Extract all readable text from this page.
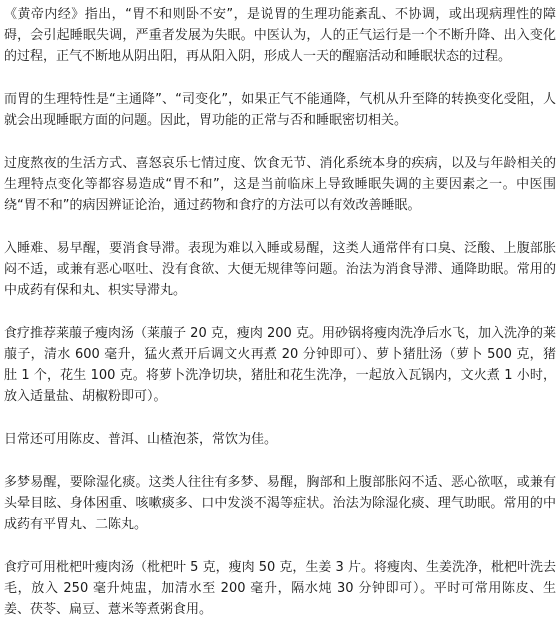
《黄帝内经》指出，“胃不和则卧不安”，是说胃的生理功能紊乱、不协调，或出现病理性的障碍，会引起睡眠失调，严重者发展为失眠。中医认为，人的正气运行是一个不断升降、出入变化的过程，正气不断地从阴出阳，再从阳入阴，形成人一天的醒寤活动和睡眠状态的过程。

而胃的生理特性是“主通降”、“司变化”，如果正气不能通降，气机从升至降的转换变化受阻，人就会出现睡眠方面的问题。因此，胃功能的正常与否和睡眠密切相关。

过度熬夜的生活方式、喜怒哀乐七情过度、饮食无节、消化系统本身的疾病，以及与年龄相关的生理特点变化等都容易造成“胃不和”，这是当前临床上导致睡眠失调的主要因素之一。中医围绕“胃不和”的病因辨证论治，通过药物和食疗的方法可以有效改善睡眠。

入睡难、易早醒，要消食导滞。表现为难以入睡或易醒，这类人通常伴有口臭、泛酸、上腹部胀闷不适，或兼有恶心呕吐、没有食欲、大便无规律等问题。治法为消食导滞、通降助眠。常用的中成药有保和丸、枳实导滞丸。

食疗推荐莱菔子瘦肉汤（莱菔子 20 克，瘦肉 200 克。用砂锅将瘦肉洗净后水飞，加入洗净的莱菔子，清水 600 毫升，猛火煮开后调文火再煮 20 分钟即可）、萝卜猪肚汤（萝卜 500 克，猪肚 1 个，花生 100 克。将萝卜洗净切块，猪肚和花生洗净，一起放入瓦锅内，文火煮 1 小时，放入适量盐、胡椒粉即可）。

日常还可用陈皮、普洱、山楂泡茶，常饮为佳。

多梦易醒，要除湿化痰。这类人往往有多梦、易醒，胸部和上腹部胀闷不适、恶心欲呕，或兼有头晕目眩、身体困重、咳嗽痰多、口中发淡不渴等症状。治法为除湿化痰、理气助眠。常用的中成药有平胃丸、二陈丸。

食疗可用枇杷叶瘦肉汤（枇杷叶 5 克，瘦肉 50 克，生姜 3 片。将瘦肉、生姜洗净，枇杷叶洗去毛，放入 250 毫升炖盅，加清水至 200 毫升，隔水炖 30 分钟即可）。平时可常用陈皮、生姜、茯苓、扁豆、薏米等煮粥食用。
